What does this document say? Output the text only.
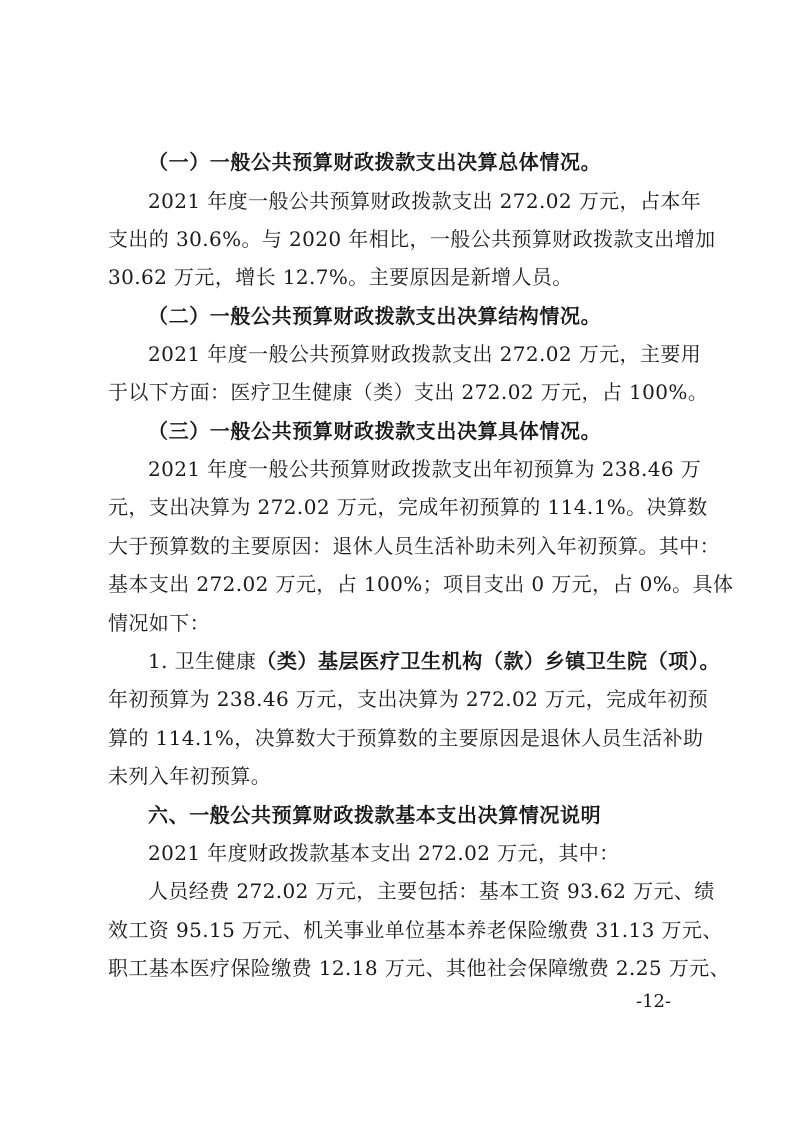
（一）一般公共预算财政拨款支出决算总体情况。
2021 年度一般公共预算财政拨款支出 272.02 万元，占本年
支出的 30.6%。与 2020 年相比，一般公共预算财政拨款支出增加
30.62 万元，增长 12.7%。主要原因是新增人员。
（二）一般公共预算财政拨款支出决算结构情况。
2021 年度一般公共预算财政拨款支出 272.02 万元，主要用
于以下方面：医疗卫生健康（类）支出 272.02 万元，占 100%。
（三）一般公共预算财政拨款支出决算具体情况。
2021 年度一般公共预算财政拨款支出年初预算为 238.46 万
元，支出决算为 272.02 万元，完成年初预算的 114.1%。决算数
大于预算数的主要原因：退休人员生活补助未列入年初预算。其中：
基本支出 272.02 万元，占 100%；项目支出 0 万元，占 0%。具体
情况如下：
1. 卫生健康（类）基层医疗卫生机构（款）乡镇卫生院（项）。
年初预算为 238.46 万元，支出决算为 272.02 万元，完成年初预
算的 114.1%，决算数大于预算数的主要原因是退休人员生活补助
未列入年初预算。
六、一般公共预算财政拨款基本支出决算情况说明
2021 年度财政拨款基本支出 272.02 万元，其中：
人员经费 272.02 万元，主要包括：基本工资 93.62 万元、绩
效工资 95.15 万元、机关事业单位基本养老保险缴费 31.13 万元、
职工基本医疗保险缴费 12.18 万元、其他社会保障缴费 2.25 万元、
-12-
